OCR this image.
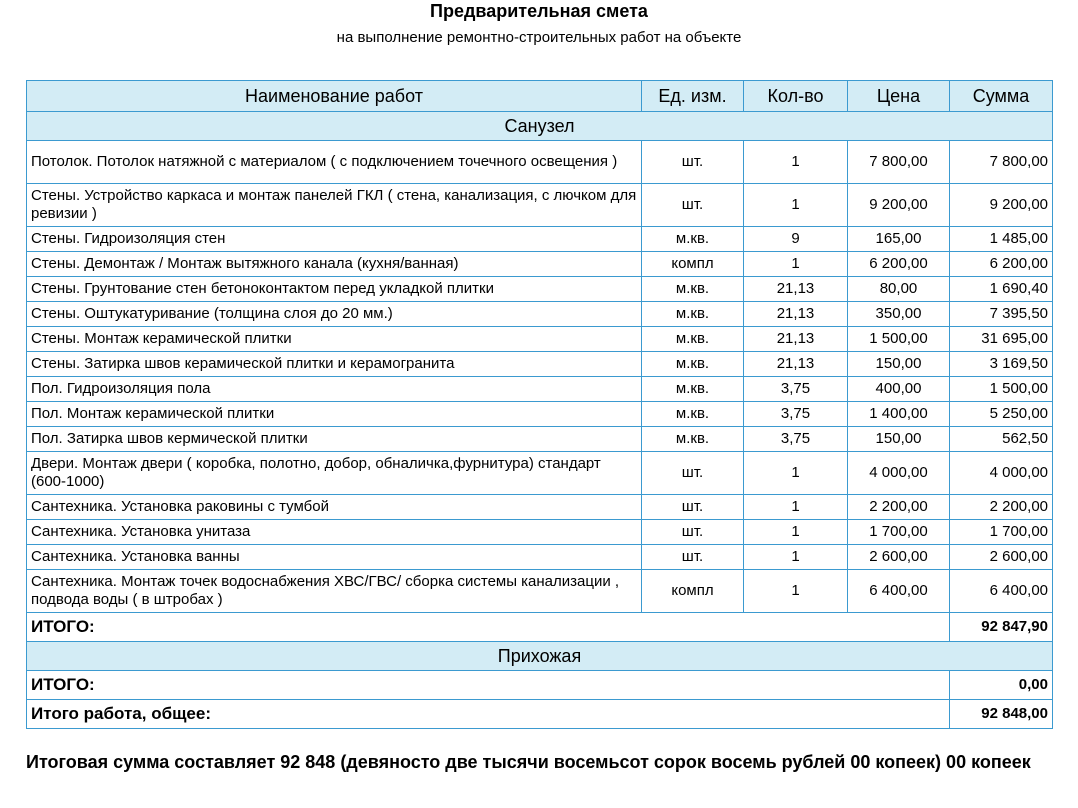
Предварительная смета
на выполнение ремонтно-строительных работ на объекте
Наименование работ	Ед. изм.	Кол-во	Цена	Сумма
Санузел				
Потолок. Потолок натяжной с материалом ( с подключением точечного освещения )	шт.	1	7 800,00	7 800,00
Стены. Устройство каркаса и монтаж панелей ГКЛ ( стена, канализация, с лючком для ревизии )	шт.	1	9 200,00	9 200,00
Стены. Гидроизоляция стен	м.кв.	9	165,00	1 485,00
Стены. Демонтаж / Монтаж вытяжного канала (кухня/ванная)	компл	1	6 200,00	6 200,00
Стены. Грунтование стен бетоноконтактом перед укладкой плитки	м.кв.	21,13	80,00	1 690,40
Стены. Оштукатуривание (толщина слоя до 20 мм.)	м.кв.	21,13	350,00	7 395,50
Стены. Монтаж керамической плитки	м.кв.	21,13	1 500,00	31 695,00
Стены. Затирка швов керамической плитки и керамогранита	м.кв.	21,13	150,00	3 169,50
Пол. Гидроизоляция пола	м.кв.	3,75	400,00	1 500,00
Пол. Монтаж керамической плитки	м.кв.	3,75	1 400,00	5 250,00
Пол. Затирка швов кермической плитки	м.кв.	3,75	150,00	562,50
Двери. Монтаж двери ( коробка, полотно, добор, обналичка,фурнитура) стандарт (600-1000)	шт.	1	4 000,00	4 000,00
Сантехника. Установка раковины с тумбой	шт.	1	2 200,00	2 200,00
Сантехника. Установка унитаза	шт.	1	1 700,00	1 700,00
Сантехника. Установка ванны	шт.	1	2 600,00	2 600,00
Сантехника. Монтаж точек водоснабжения ХВС/ГВС/ сборка системы канализации , подвода воды ( в штробах )	компл	1	6 400,00	6 400,00
ИТОГО:				92 847,90
Прихожая				
ИТОГО:				0,00
Итого работа, общее:				92 848,00
Итоговая сумма составляет 92 848 (девяносто две тысячи восемьсот сорок восемь рублей 00 копеек) 00 копеек
